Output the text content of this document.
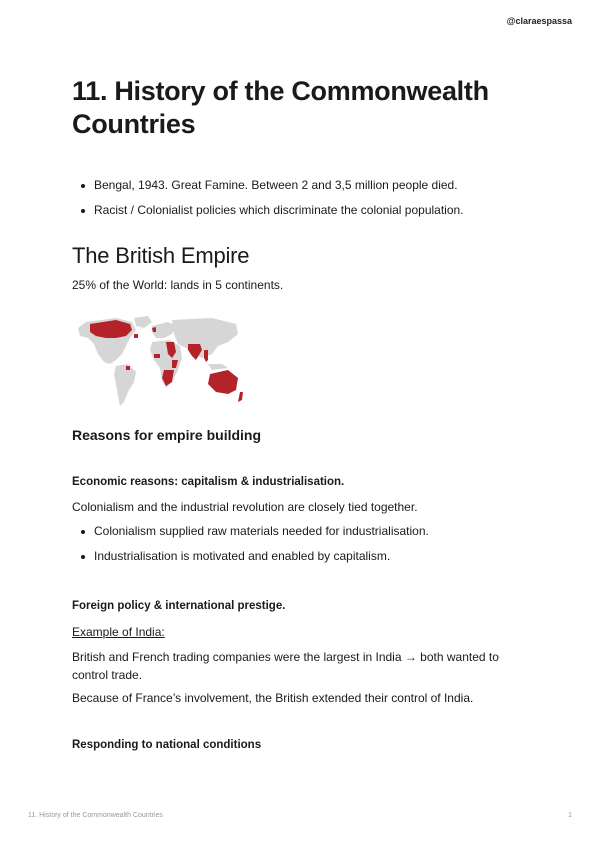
@claraespassa
11. History of the Commonwealth Countries
Bengal, 1943. Great Famine. Between 2 and 3,5 million people died.
Racist / Colonialist policies which discriminate the colonial population.
The British Empire

25% of the World: lands in 5 continents.

Reasons for empire building
Economic reasons: capitalism & industrialisation.

Colonialism and the industrial revolution are closely tied together.

Colonialism supplied raw materials needed for industrialisation.
Industrialisation is motivated and enabled by capitalism.
Foreign policy & international prestige.

Example of India:

British and French trading companies were the largest in India → both wanted to control trade.

Because of France’s involvement, the British extended their control of India.

Responding to national conditions
11. History of the Commonwealth Countries	1
